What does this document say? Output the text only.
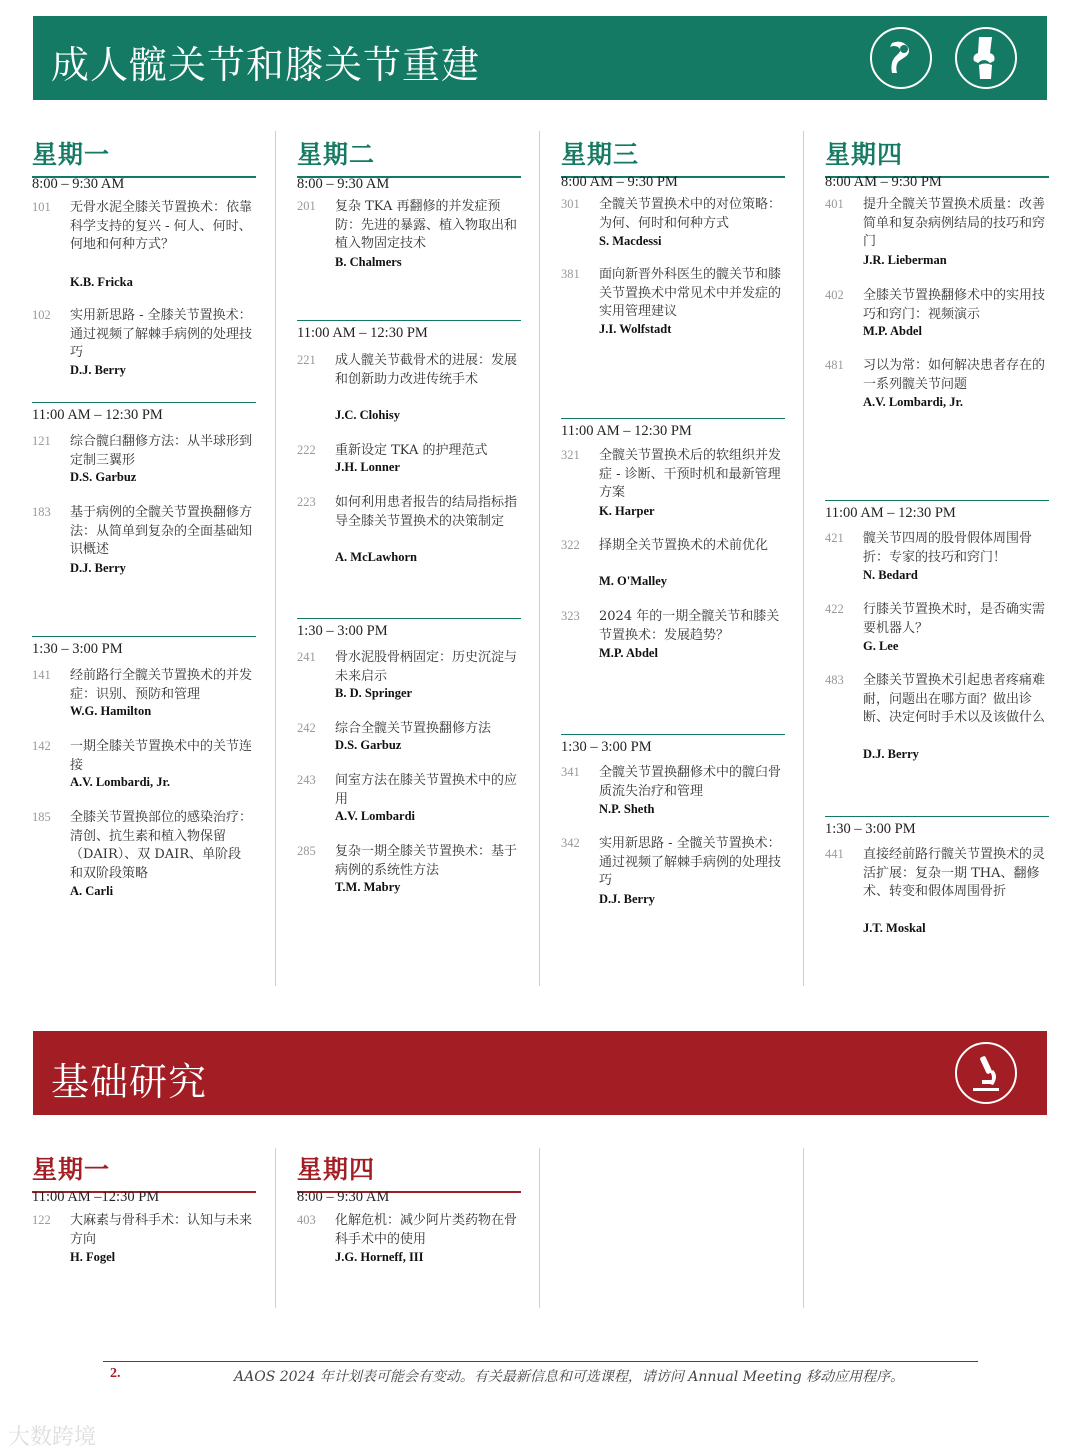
成人髋关节和膝关节重建
星期一
8:00 – 9:30 AM
101 无骨水泥全膝关节置换术：依靠科学支持的复兴 - 何人、何时、何地和何种方式？
K.B. Fricka
102 实用新思路 - 全膝关节置换术：通过视频了解棘手病例的处理技巧
D.J. Berry
11:00 AM – 12:30 PM
121 综合髋臼翻修方法：从半球形到定制三翼形
D.S. Garbuz
183 基于病例的全髋关节置换翻修方法：从简单到复杂的全面基础知识概述
D.J. Berry
1:30 – 3:00 PM
141 经前路行全髋关节置换术的并发症：识别、预防和管理
W.G. Hamilton
142 一期全膝关节置换术中的关节连接
A.V. Lombardi, Jr.
185 全膝关节置换部位的感染治疗：清创、抗生素和植入物保留（DAIR）、双 DAIR、单阶段和双阶段策略
A. Carli
星期二
8:00 – 9:30 AM
201 复杂 TKA 再翻修的并发症预防：先进的暴露、植入物取出和植入物固定技术
B. Chalmers
11:00 AM – 12:30 PM
221 成人髋关节截骨术的进展：发展和创新助力改进传统手术
J.C. Clohisy
222 重新设定 TKA 的护理范式
J.H. Lonner
223 如何利用患者报告的结局指标指导全膝关节置换术的决策制定
A. McLawhorn
1:30 – 3:00 PM
241 骨水泥股骨柄固定：历史沉淀与未来启示
B. D. Springer
242 综合全髋关节置换翻修方法
D.S. Garbuz
243 间室方法在膝关节置换术中的应用
A.V. Lombardi
285 复杂一期全膝关节置换术：基于病例的系统性方法
T.M. Mabry
星期三
8:00 AM – 9:30 PM
301 全髋关节置换术中的对位策略：为何、何时和何种方式
S. Macdessi
381 面向新晋外科医生的髋关节和膝关节置换术中常见术中并发症的实用管理建议
J.I. Wolfstadt
11:00 AM – 12:30 PM
321 全髋关节置换术后的软组织并发症 - 诊断、干预时机和最新管理方案
K. Harper
322 择期全关节置换术的术前优化
M. O'Malley
323 2024 年的一期全髋关节和膝关节置换术：发展趋势？
M.P. Abdel
1:30 – 3:00 PM
341 全髋关节置换翻修术中的髋臼骨质流失治疗和管理
N.P. Sheth
342 实用新思路 - 全髋关节置换术：通过视频了解棘手病例的处理技巧
D.J. Berry
星期四
8:00 AM – 9:30 PM
401 提升全髋关节置换术质量：改善简单和复杂病例结局的技巧和窍门
J.R. Lieberman
402 全膝关节置换翻修术中的实用技巧和窍门：视频演示
M.P. Abdel
481 习以为常：如何解决患者存在的一系列髋关节问题
A.V. Lombardi, Jr.
11:00 AM – 12:30 PM
421 髋关节四周的股骨假体周围骨折：专家的技巧和窍门！
N. Bedard
422 行膝关节置换术时，是否确实需要机器人？
G. Lee
483 全膝关节置换术引起患者疼痛难耐，问题出在哪方面？做出诊断、决定何时手术以及该做什么
D.J. Berry
1:30 – 3:00 PM
441 直接经前路行髋关节置换术的灵活扩展：复杂一期 THA、翻修术、转变和假体周围骨折
J.T. Moskal
基础研究
星期一
11:00 AM –12:30 PM
122 大麻素与骨科手术：认知与未来方向
H. Fogel
星期四
8:00 – 9:30 AM
403 化解危机：减少阿片类药物在骨科手术中的使用
J.G. Horneff, III
2.	AAOS 2024 年计划表可能会有变动。有关最新信息和可选课程，请访问 Annual Meeting 移动应用程序。
大数跨境
